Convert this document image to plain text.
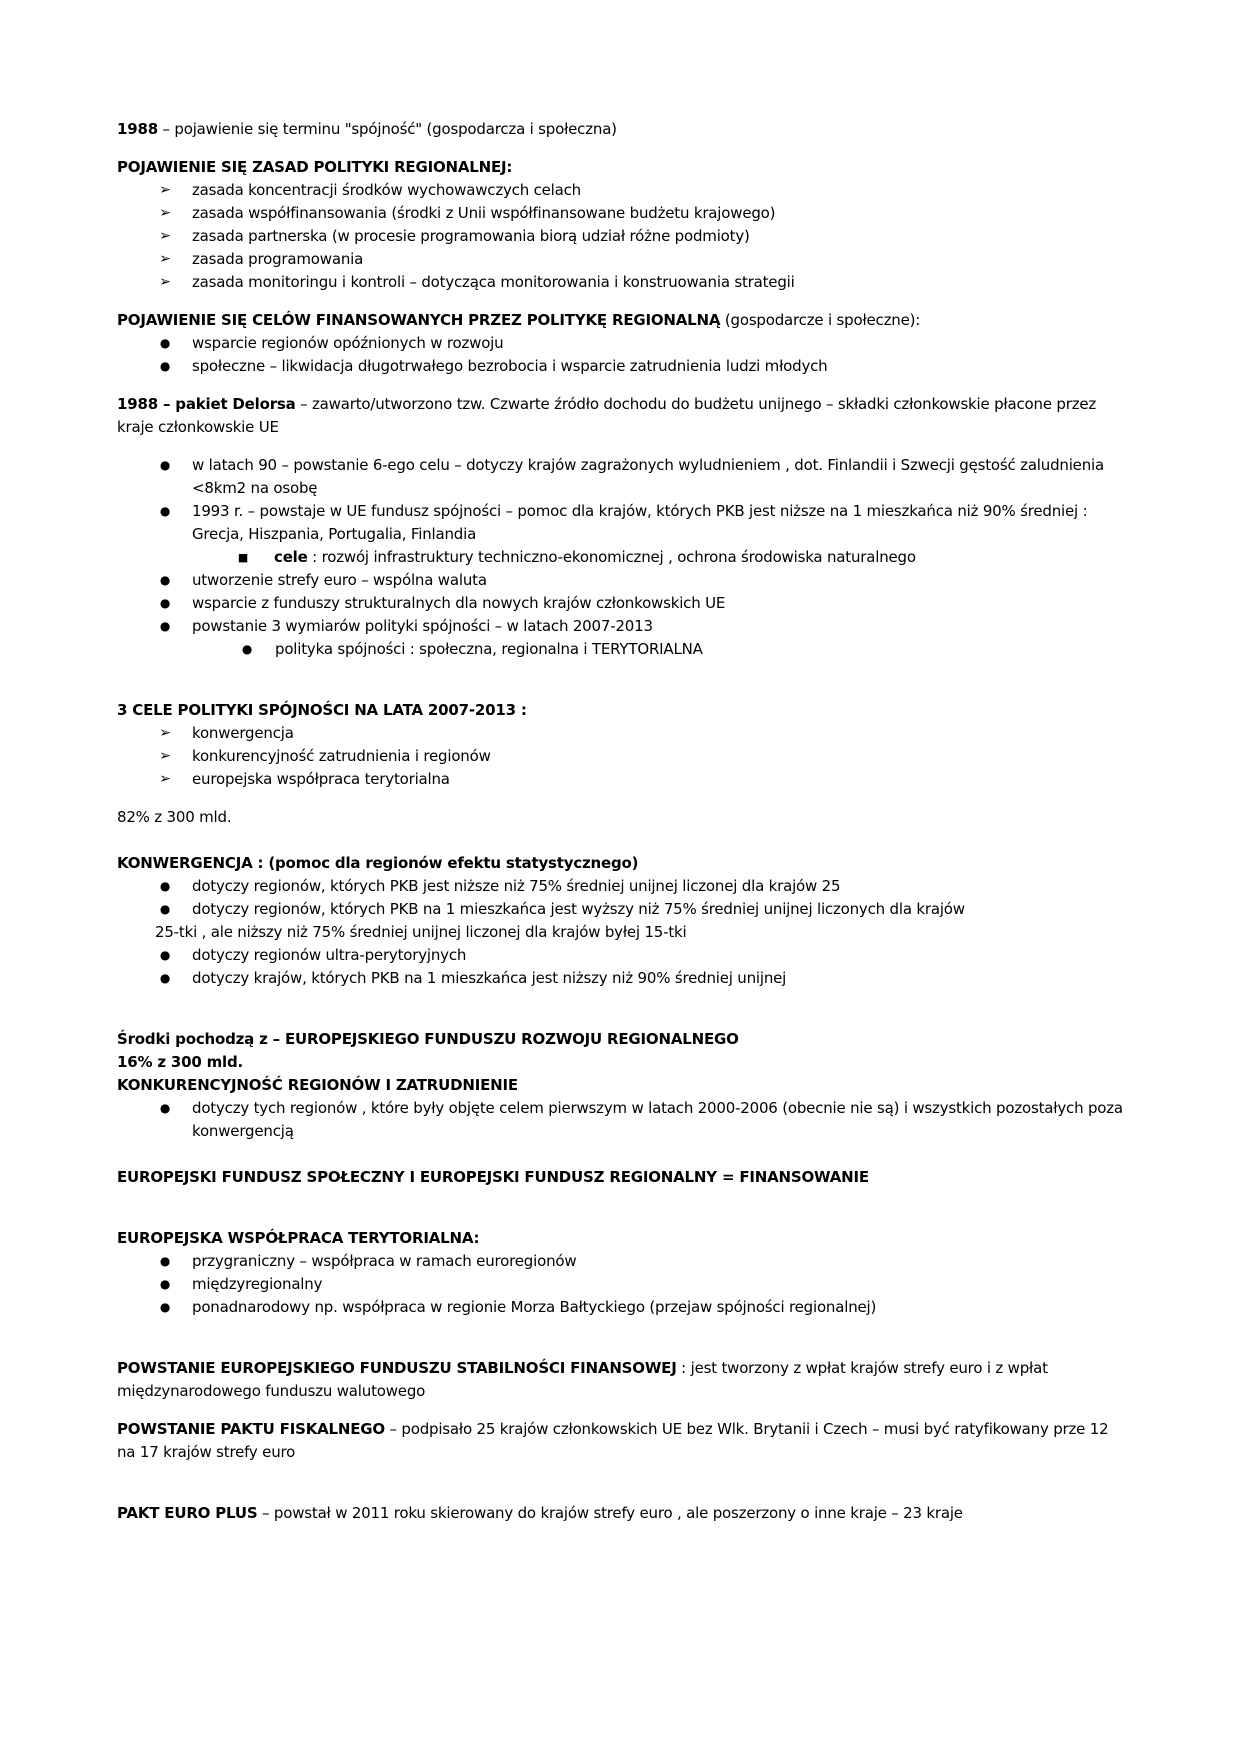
1988 – pojawienie się terminu "spójność" (gospodarcza i społeczna)

POJAWIENIE SIĘ ZASAD POLITYKI REGIONALNEJ:

➢ zasada koncentracji środków wychowawczych celach
➢ zasada współfinansowania (środki z Unii współfinansowane budżetu krajowego)
➢ zasada partnerska (w procesie programowania biorą udział różne podmioty)
➢ zasada programowania
➢ zasada monitoringu i kontroli – dotycząca monitorowania i konstruowania strategii

POJAWIENIE SIĘ CELÓW FINANSOWANYCH PRZEZ POLITYKĘ REGIONALNĄ (gospodarcze i społeczne):

●	wsparcie regionów opóźnionych w rozwoju
●	społeczne – likwidacja długotrwałego bezrobocia i wsparcie zatrudnienia ludzi młodych

1988 – pakiet Delorsa – zawarto/utworzono tzw. Czwarte źródło dochodu do budżetu unijnego – składki członkowskie płacone przez kraje członkowskie UE

●	w latach 90 – powstanie 6-ego celu – dotyczy krajów zagrażonych wyludnieniem , dot. Finlandii i Szwecji gęstość zaludnienia <8km2 na osobę
●	1993 r. – powstaje w UE fundusz spójności – pomoc dla krajów, których PKB jest niższe na 1 mieszkańca niż 90% średniej : Grecja, Hiszpania, Portugalia, Finlandia
■	cele : rozwój infrastruktury techniczno-ekonomicznej , ochrona środowiska naturalnego
●	utworzenie strefy euro – wspólna waluta
●	wsparcie z funduszy strukturalnych dla nowych krajów członkowskich UE
●	powstanie 3 wymiarów polityki spójności – w latach 2007-2013
●	polityka spójności : społeczna, regionalna i TERYTORIALNA

3 CELE POLITYKI SPÓJNOŚCI NA LATA 2007-2013 :

➢ konwergencja
➢ konkurencyjność zatrudnienia i regionów
➢ europejska współpraca terytorialna

82% z 300 mld.

KONWERGENCJA : (pomoc dla regionów efektu statystycznego)

●	dotyczy regionów, których PKB jest niższe niż 75% średniej unijnej liczonej dla krajów 25
●	dotyczy regionów, których PKB na 1 mieszkańca jest wyższy niż 75% średniej unijnej liczonych dla krajów

25-tki , ale niższy niż 75% średniej unijnej liczonej dla krajów byłej 15-tki

●	dotyczy regionów ultra-perytoryjnych
●	dotyczy krajów, których PKB na 1 mieszkańca jest niższy niż 90% średniej unijnej

Środki pochodzą z – EUROPEJSKIEGO FUNDUSZU ROZWOJU REGIONALNEGO

16% z 300 mld.

KONKURENCYJNOŚĆ REGIONÓW I ZATRUDNIENIE

●	dotyczy tych regionów , które były objęte celem pierwszym w latach 2000-2006 (obecnie nie są) i wszystkich pozostałych poza konwergencją

EUROPEJSKI FUNDUSZ SPOŁECZNY I EUROPEJSKI FUNDUSZ REGIONALNY = FINANSOWANIE

EUROPEJSKA WSPÓŁPRACA TERYTORIALNA:

●	przygraniczny – współpraca w ramach euroregionów
●	międzyregionalny
●	ponadnarodowy np. współpraca w regionie Morza Bałtyckiego (przejaw spójności regionalnej)

POWSTANIE EUROPEJSKIEGO FUNDUSZU STABILNOŚCI FINANSOWEJ : jest tworzony z wpłat krajów strefy euro i z wpłat międzynarodowego funduszu walutowego

POWSTANIE PAKTU FISKALNEGO – podpisało 25 krajów członkowskich UE bez Wlk. Brytanii i Czech – musi być ratyfikowany prze 12 na 17 krajów strefy euro

PAKT EURO PLUS – powstał w 2011 roku skierowany do krajów strefy euro , ale poszerzony o inne kraje – 23 kraje
